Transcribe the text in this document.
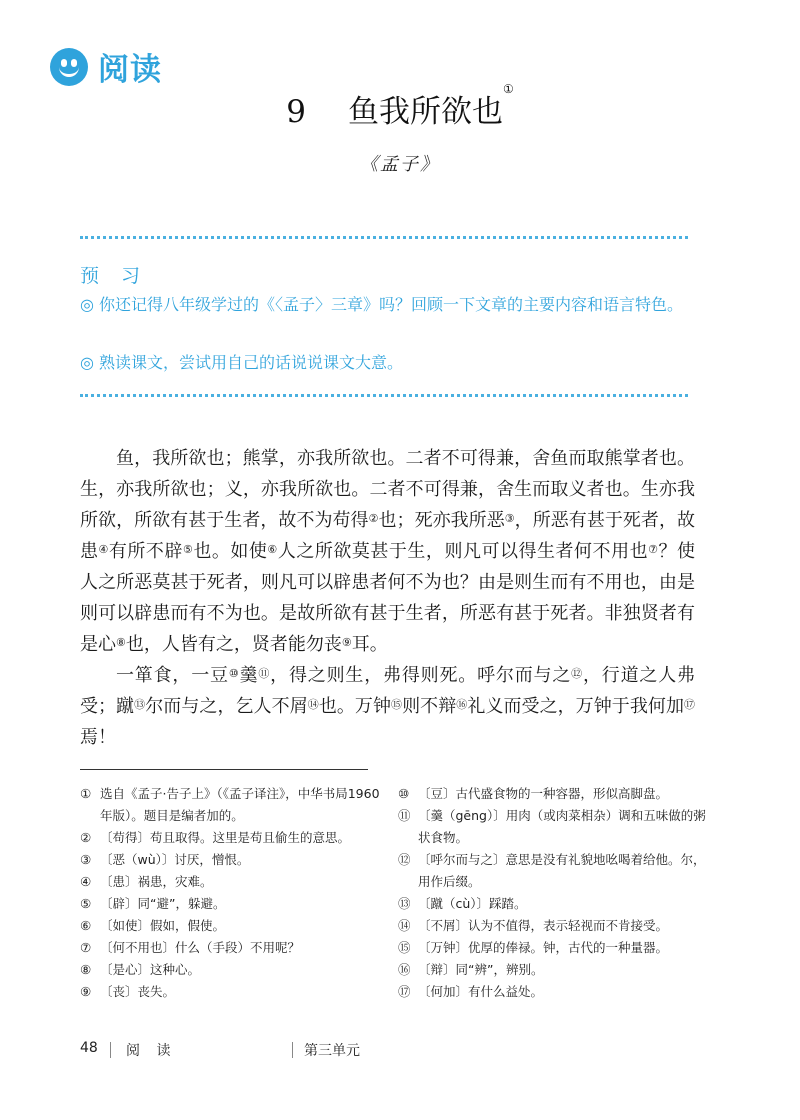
阅读
9 鱼我所欲也①
《孟子》
预 习
◎ 你还记得八年级学过的《〈孟子〉三章》吗？回顾一下文章的主要内容和语言特色。
◎ 熟读课文，尝试用自己的话说说课文大意。

鱼，我所欲也；熊掌，亦我所欲也。二者不可得兼，舍鱼而取熊掌者也。生，亦我所欲也；义，亦我所欲也。二者不可得兼，舍生而取义者也。生亦我所欲，所欲有甚于生者，故不为苟得②也；死亦我所恶③，所恶有甚于死者，故患④有所不辟⑤也。如使⑥人之所欲莫甚于生，则凡可以得生者何不用也⑦？使人之所恶莫甚于死者，则凡可以辟患者何不为也？由是则生而有不用也，由是则可以辟患而有不为也。是故所欲有甚于生者，所恶有甚于死者。非独贤者有是心⑧也，人皆有之，贤者能勿丧⑨耳。

一箪食，一豆⑩羹⑪，得之则生，弗得则死。呼尔而与之⑫，行道之人弗受；蹴⑬尔而与之，乞人不屑⑭也。万钟⑮则不辩⑯礼义而受之，万钟于我何加⑰焉！

① 选自《孟子·告子上》（《孟子译注》，中华书局1960年版）。题目是编者加的。
② 〔苟得〕苟且取得。这里是苟且偷生的意思。
③ 〔恶（wù）〕讨厌，憎恨。
④ 〔患〕祸患，灾难。
⑤ 〔辟〕同“避”，躲避。
⑥ 〔如使〕假如，假使。
⑦ 〔何不用也〕什么（手段）不用呢？
⑧ 〔是心〕这种心。
⑨ 〔丧〕丧失。
⑩ 〔豆〕古代盛食物的一种容器，形似高脚盘。
⑪ 〔羹（gēng）〕用肉（或肉菜相杂）调和五味做的粥状食物。
⑫ 〔呼尔而与之〕意思是没有礼貌地吆喝着给他。尔，用作后缀。
⑬ 〔蹴（cù）〕踩踏。
⑭ 〔不屑〕认为不值得，表示轻视而不肯接受。
⑮ 〔万钟〕优厚的俸禄。钟，古代的一种量器。
⑯ 〔辩〕同“辨”，辨别。
⑰ 〔何加〕有什么益处。
48 阅 读	第三单元
